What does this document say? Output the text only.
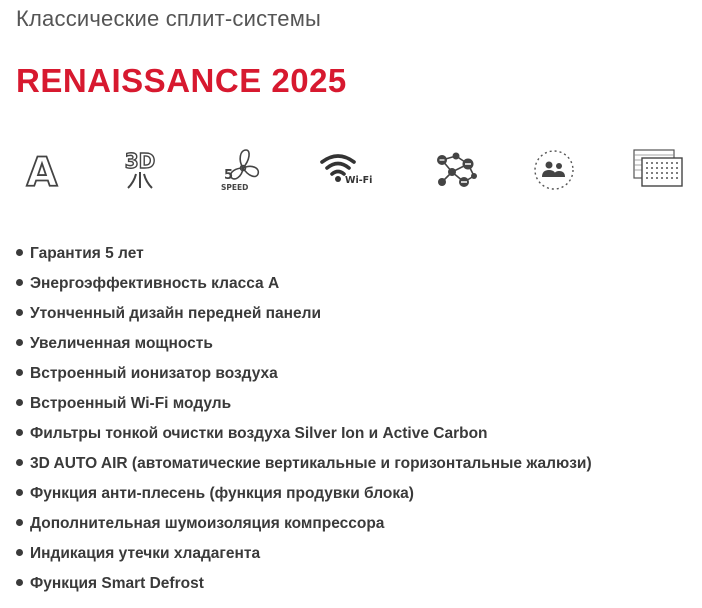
Классические сплит-системы
RENAISSANCE 2025
A	3D
5
SPEED
Wi-Fi
Гарантия 5 лет
Энергоэффективность класса А
Утонченный дизайн передней панели
Увеличенная мощность
Встроенный ионизатор воздуха
Встроенный Wi-Fi модуль
Фильтры тонкой очистки воздуха Silver Ion и Active Carbon
3D AUTO AIR (автоматические вертикальные и горизонтальные жалюзи)
Функция анти-плесень (функция продувки блока)
Дополнительная шумоизоляция компрессора
Индикация утечки хладагента
Функция Smart Defrost
